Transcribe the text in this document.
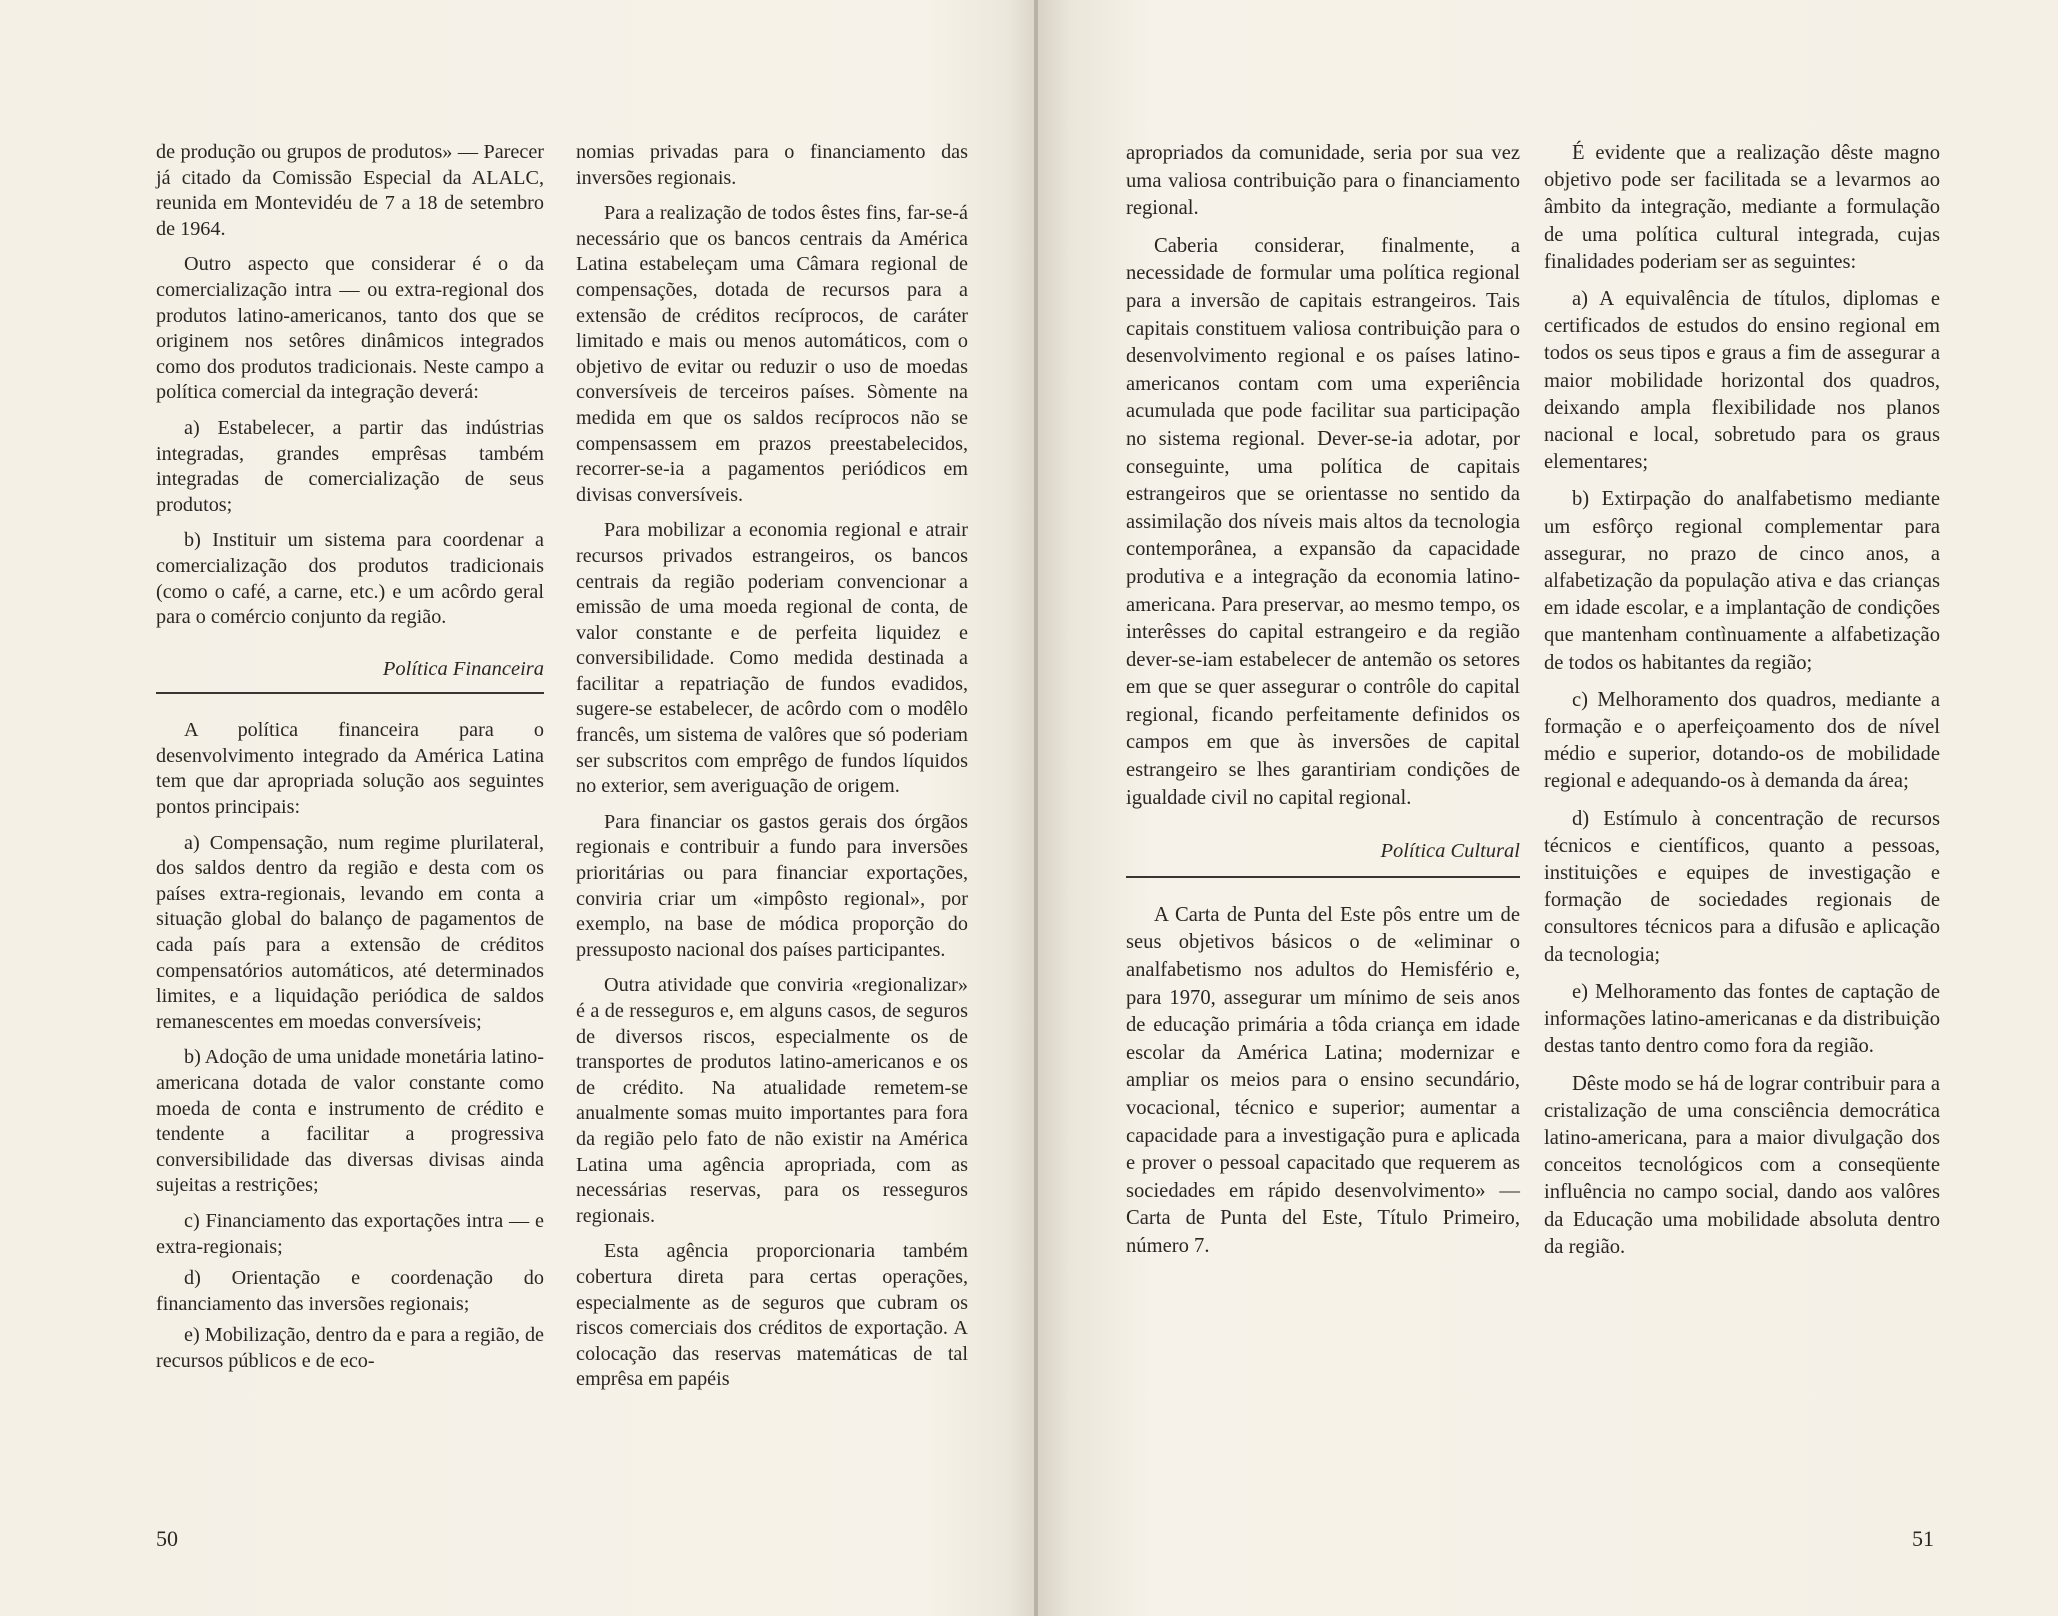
de produção ou grupos de produtos» — Parecer já citado da Comissão Especial da ALALC, reunida em Montevidéu de 7 a 18 de setembro de 1964.

Outro aspecto que considerar é o da comercialização intra — ou extra-regional dos produtos latino-americanos, tanto dos que se originem nos setôres dinâmicos integrados como dos produtos tradicionais. Neste campo a política comercial da integração deverá:

a) Estabelecer, a partir das indústrias integradas, grandes emprêsas também integradas de comercialização de seus produtos;

b) Instituir um sistema para coordenar a comercialização dos produtos tradicionais (como o café, a carne, etc.) e um acôrdo geral para o comércio conjunto da região.

Política Financeira

A política financeira para o desenvolvimento integrado da América Latina tem que dar apropriada solução aos seguintes pontos principais:

a) Compensação, num regime plurilateral, dos saldos dentro da região e desta com os países extra-regionais, levando em conta a situação global do balanço de pagamentos de cada país para a extensão de créditos compensatórios automáticos, até determinados limites, e a liquidação periódica de saldos remanescentes em moedas conversíveis;

b) Adoção de uma unidade monetária latino-americana dotada de valor constante como moeda de conta e instrumento de crédito e tendente a facilitar a progressiva conversibilidade das diversas divisas ainda sujeitas a restrições;

c) Financiamento das exportações intra — e extra-regionais;

d) Orientação e coordenação do financiamento das inversões regionais;

e) Mobilização, dentro da e para a região, de recursos públicos e de eco-

nomias privadas para o financiamento das inversões regionais.

Para a realização de todos êstes fins, far-se-á necessário que os bancos centrais da América Latina estabeleçam uma Câmara regional de compensações, dotada de recursos para a extensão de créditos recíprocos, de caráter limitado e mais ou menos automáticos, com o objetivo de evitar ou reduzir o uso de moedas conversíveis de terceiros países. Sòmente na medida em que os saldos recíprocos não se compensassem em prazos preestabelecidos, recorrer-se-ia a pagamentos periódicos em divisas conversíveis.

Para mobilizar a economia regional e atrair recursos privados estrangeiros, os bancos centrais da região poderiam convencionar a emissão de uma moeda regional de conta, de valor constante e de perfeita liquidez e conversibilidade. Como medida destinada a facilitar a repatriação de fundos evadidos, sugere-se estabelecer, de acôrdo com o modêlo francês, um sistema de valôres que só poderiam ser subscritos com emprêgo de fundos líquidos no exterior, sem averiguação de origem.

Para financiar os gastos gerais dos órgãos regionais e contribuir a fundo para inversões prioritárias ou para financiar exportações, conviria criar um «impôsto regional», por exemplo, na base de módica proporção do pressuposto nacional dos países participantes.

Outra atividade que conviria «regionalizar» é a de resseguros e, em alguns casos, de seguros de diversos riscos, especialmente os de transportes de produtos latino-americanos e os de crédito. Na atualidade remetem-se anualmente somas muito importantes para fora da região pelo fato de não existir na América Latina uma agência apropriada, com as necessárias reservas, para os resseguros regionais.

Esta agência proporcionaria também cobertura direta para certas operações, especialmente as de seguros que cubram os riscos comerciais dos créditos de exportação. A colocação das reservas matemáticas de tal emprêsa em papéis

50

apropriados da comunidade, seria por sua vez uma valiosa contribuição para o financiamento regional.

Caberia considerar, finalmente, a necessidade de formular uma política regional para a inversão de capitais estrangeiros. Tais capitais constituem valiosa contribuição para o desenvolvimento regional e os países latino-americanos contam com uma experiência acumulada que pode facilitar sua participação no sistema regional. Dever-se-ia adotar, por conseguinte, uma política de capitais estrangeiros que se orientasse no sentido da assimilação dos níveis mais altos da tecnologia contemporânea, a expansão da capacidade produtiva e a integração da economia latino-americana. Para preservar, ao mesmo tempo, os interêsses do capital estrangeiro e da região dever-se-iam estabelecer de antemão os setores em que se quer assegurar o contrôle do capital regional, ficando perfeitamente definidos os campos em que às inversões de capital estrangeiro se lhes garantiriam condições de igualdade civil no capital regional.

Política Cultural

A Carta de Punta del Este pôs entre um de seus objetivos básicos o de «eliminar o analfabetismo nos adultos do Hemisfério e, para 1970, assegurar um mínimo de seis anos de educação primária a tôda criança em idade escolar da América Latina; modernizar e ampliar os meios para o ensino secundário, vocacional, técnico e superior; aumentar a capacidade para a investigação pura e aplicada e prover o pessoal capacitado que requerem as sociedades em rápido desenvolvimento» — Carta de Punta del Este, Título Primeiro, número 7.

É evidente que a realização dêste magno objetivo pode ser facilitada se a levarmos ao âmbito da integração, mediante a formulação de uma política cultural integrada, cujas finalidades poderiam ser as seguintes:

a) A equivalência de títulos, diplomas e certificados de estudos do ensino regional em todos os seus tipos e graus a fim de assegurar a maior mobilidade horizontal dos quadros, deixando ampla flexibilidade nos planos nacional e local, sobretudo para os graus elementares;

b) Extirpação do analfabetismo mediante um esfôrço regional complementar para assegurar, no prazo de cinco anos, a alfabetização da população ativa e das crianças em idade escolar, e a implantação de condições que mantenham contìnuamente a alfabetização de todos os habitantes da região;

c) Melhoramento dos quadros, mediante a formação e o aperfeiçoamento dos de nível médio e superior, dotando-os de mobilidade regional e adequando-os à demanda da área;

d) Estímulo à concentração de recursos técnicos e científicos, quanto a pessoas, instituições e equipes de investigação e formação de sociedades regionais de consultores técnicos para a difusão e aplicação da tecnologia;

e) Melhoramento das fontes de captação de informações latino-americanas e da distribuição destas tanto dentro como fora da região.

Dêste modo se há de lograr contribuir para a cristalização de uma consciência democrática latino-americana, para a maior divulgação dos conceitos tecnológicos com a conseqüente influência no campo social, dando aos valôres da Educação uma mobilidade absoluta dentro da região.

51
